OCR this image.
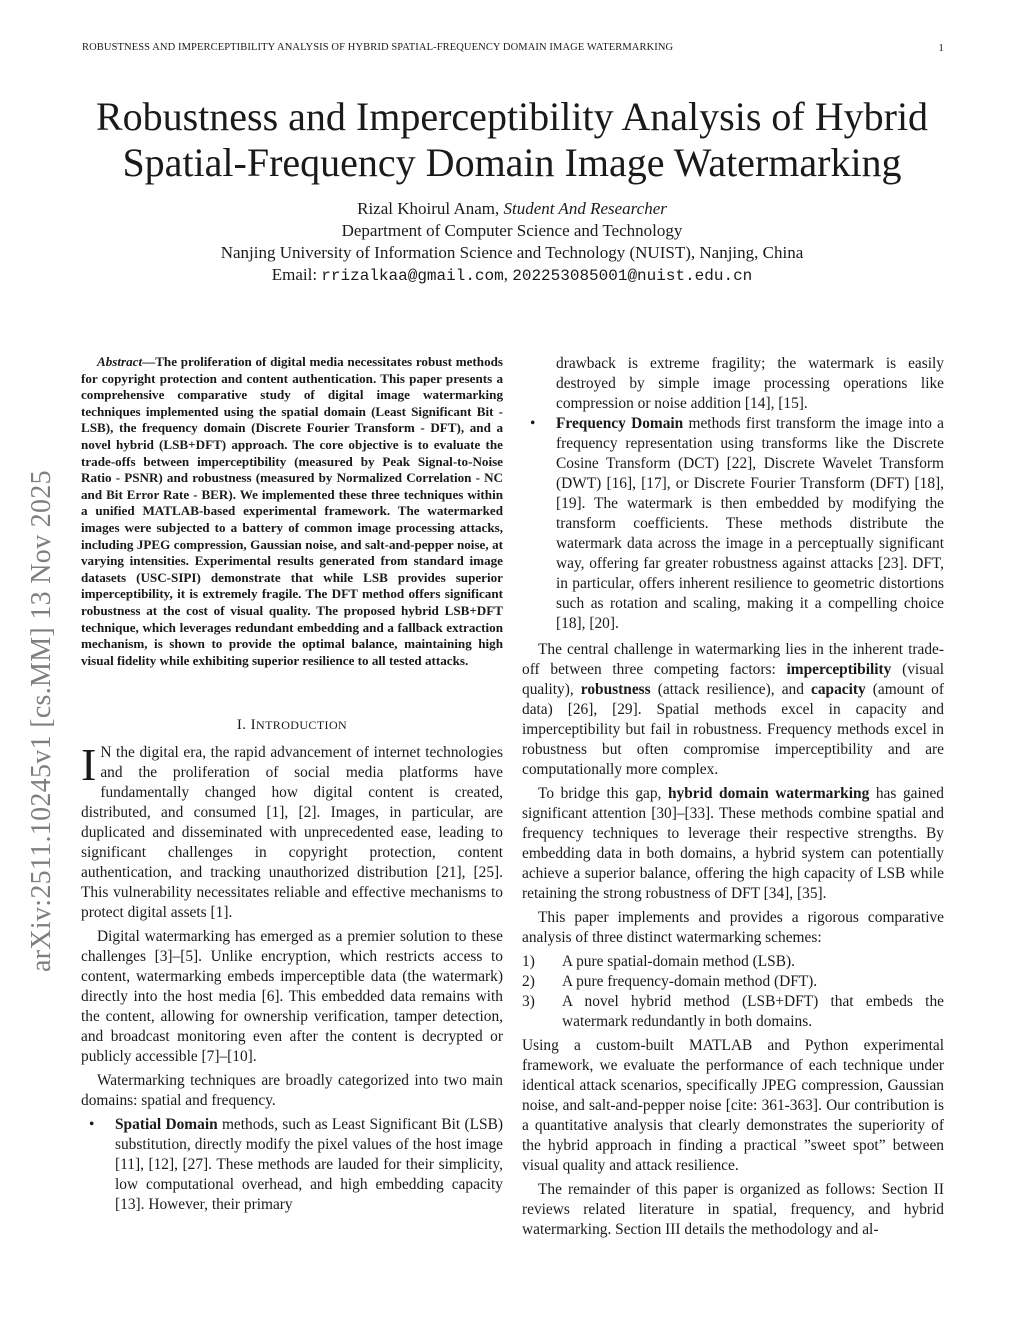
ROBUSTNESS AND IMPERCEPTIBILITY ANALYSIS OF HYBRID SPATIAL-FREQUENCY DOMAIN IMAGE WATERMARKING	1
Robustness and Imperceptibility Analysis of Hybrid
Spatial-Frequency Domain Image Watermarking
Rizal Khoirul Anam, Student And Researcher
Department of Computer Science and Technology
Nanjing University of Information Science and Technology (NUIST), Nanjing, China
Email: rrizalkaa@gmail.com, 202253085001@nuist.edu.cn
arXiv:2511.10245v1 [cs.MM] 13 Nov 2025

Abstract—The proliferation of digital media necessitates robust methods for copyright protection and content authentication. This paper presents a comprehensive comparative study of digital image watermarking techniques implemented using the spatial domain (Least Significant Bit - LSB), the frequency domain (Discrete Fourier Transform - DFT), and a novel hybrid (LSB+DFT) approach. The core objective is to evaluate the trade-offs between imperceptibility (measured by Peak Signal-to-Noise Ratio - PSNR) and robustness (measured by Normalized Correlation - NC and Bit Error Rate - BER). We implemented these three techniques within a unified MATLAB-based experimental framework. The watermarked images were subjected to a battery of common image processing attacks, including JPEG compression, Gaussian noise, and salt-and-pepper noise, at varying intensities. Experimental results generated from standard image datasets (USC-SIPI) demonstrate that while LSB provides superior imperceptibility, it is extremely fragile. The DFT method offers significant robustness at the cost of visual quality. The proposed hybrid LSB+DFT technique, which leverages redundant embedding and a fallback extraction mechanism, is shown to provide the optimal balance, maintaining high visual fidelity while exhibiting superior resilience to all tested attacks.

I. INTRODUCTION

I N the digital era, the rapid advancement of internet technologies and the proliferation of social media platforms have fundamentally changed how digital content is created, distributed, and consumed [1], [2]. Images, in particular, are duplicated and disseminated with unprecedented ease, leading to significant challenges in copyright protection, content authentication, and tracking unauthorized distribution [21], [25]. This vulnerability necessitates reliable and effective mechanisms to protect digital assets [1].

Digital watermarking has emerged as a premier solution to these challenges [3]–[5]. Unlike encryption, which restricts access to content, watermarking embeds imperceptible data (the watermark) directly into the host media [6]. This embedded data remains with the content, allowing for ownership verification, tamper detection, and broadcast monitoring even after the content is decrypted or publicly accessible [7]–[10].

Watermarking techniques are broadly categorized into two main domains: spatial and frequency.

• Spatial Domain methods, such as Least Significant Bit (LSB) substitution, directly modify the pixel values of the host image [11], [12], [27]. These methods are lauded for their simplicity, low computational overhead, and high embedding capacity [13]. However, their primary

drawback is extreme fragility; the watermark is easily destroyed by simple image processing operations like compression or noise addition [14], [15].

• Frequency Domain methods first transform the image into a frequency representation using transforms like the Discrete Cosine Transform (DCT) [22], Discrete Wavelet Transform (DWT) [16], [17], or Discrete Fourier Transform (DFT) [18], [19]. The watermark is then embedded by modifying the transform coefficients. These methods distribute the watermark data across the image in a perceptually significant way, offering far greater robustness against attacks [23]. DFT, in particular, offers inherent resilience to geometric distortions such as rotation and scaling, making it a compelling choice [18], [20].

The central challenge in watermarking lies in the inherent trade-off between three competing factors: imperceptibility (visual quality), robustness (attack resilience), and capacity (amount of data) [26], [29]. Spatial methods excel in capacity and imperceptibility but fail in robustness. Frequency methods excel in robustness but often compromise imperceptibility and are computationally more complex.

To bridge this gap, hybrid domain watermarking has gained significant attention [30]–[33]. These methods combine spatial and frequency techniques to leverage their respective strengths. By embedding data in both domains, a hybrid system can potentially achieve a superior balance, offering the high capacity of LSB while retaining the strong robustness of DFT [34], [35].

This paper implements and provides a rigorous comparative analysis of three distinct watermarking schemes:

1) A pure spatial-domain method (LSB).
2) A pure frequency-domain method (DFT).
3) A novel hybrid method (LSB+DFT) that embeds the watermark redundantly in both domains.

Using a custom-built MATLAB and Python experimental framework, we evaluate the performance of each technique under identical attack scenarios, specifically JPEG compression, Gaussian noise, and salt-and-pepper noise [cite: 361-363]. Our contribution is a quantitative analysis that clearly demonstrates the superiority of the hybrid approach in finding a practical ”sweet spot” between visual quality and attack resilience.

The remainder of this paper is organized as follows: Section II reviews related literature in spatial, frequency, and hybrid watermarking. Section III details the methodology and al-
